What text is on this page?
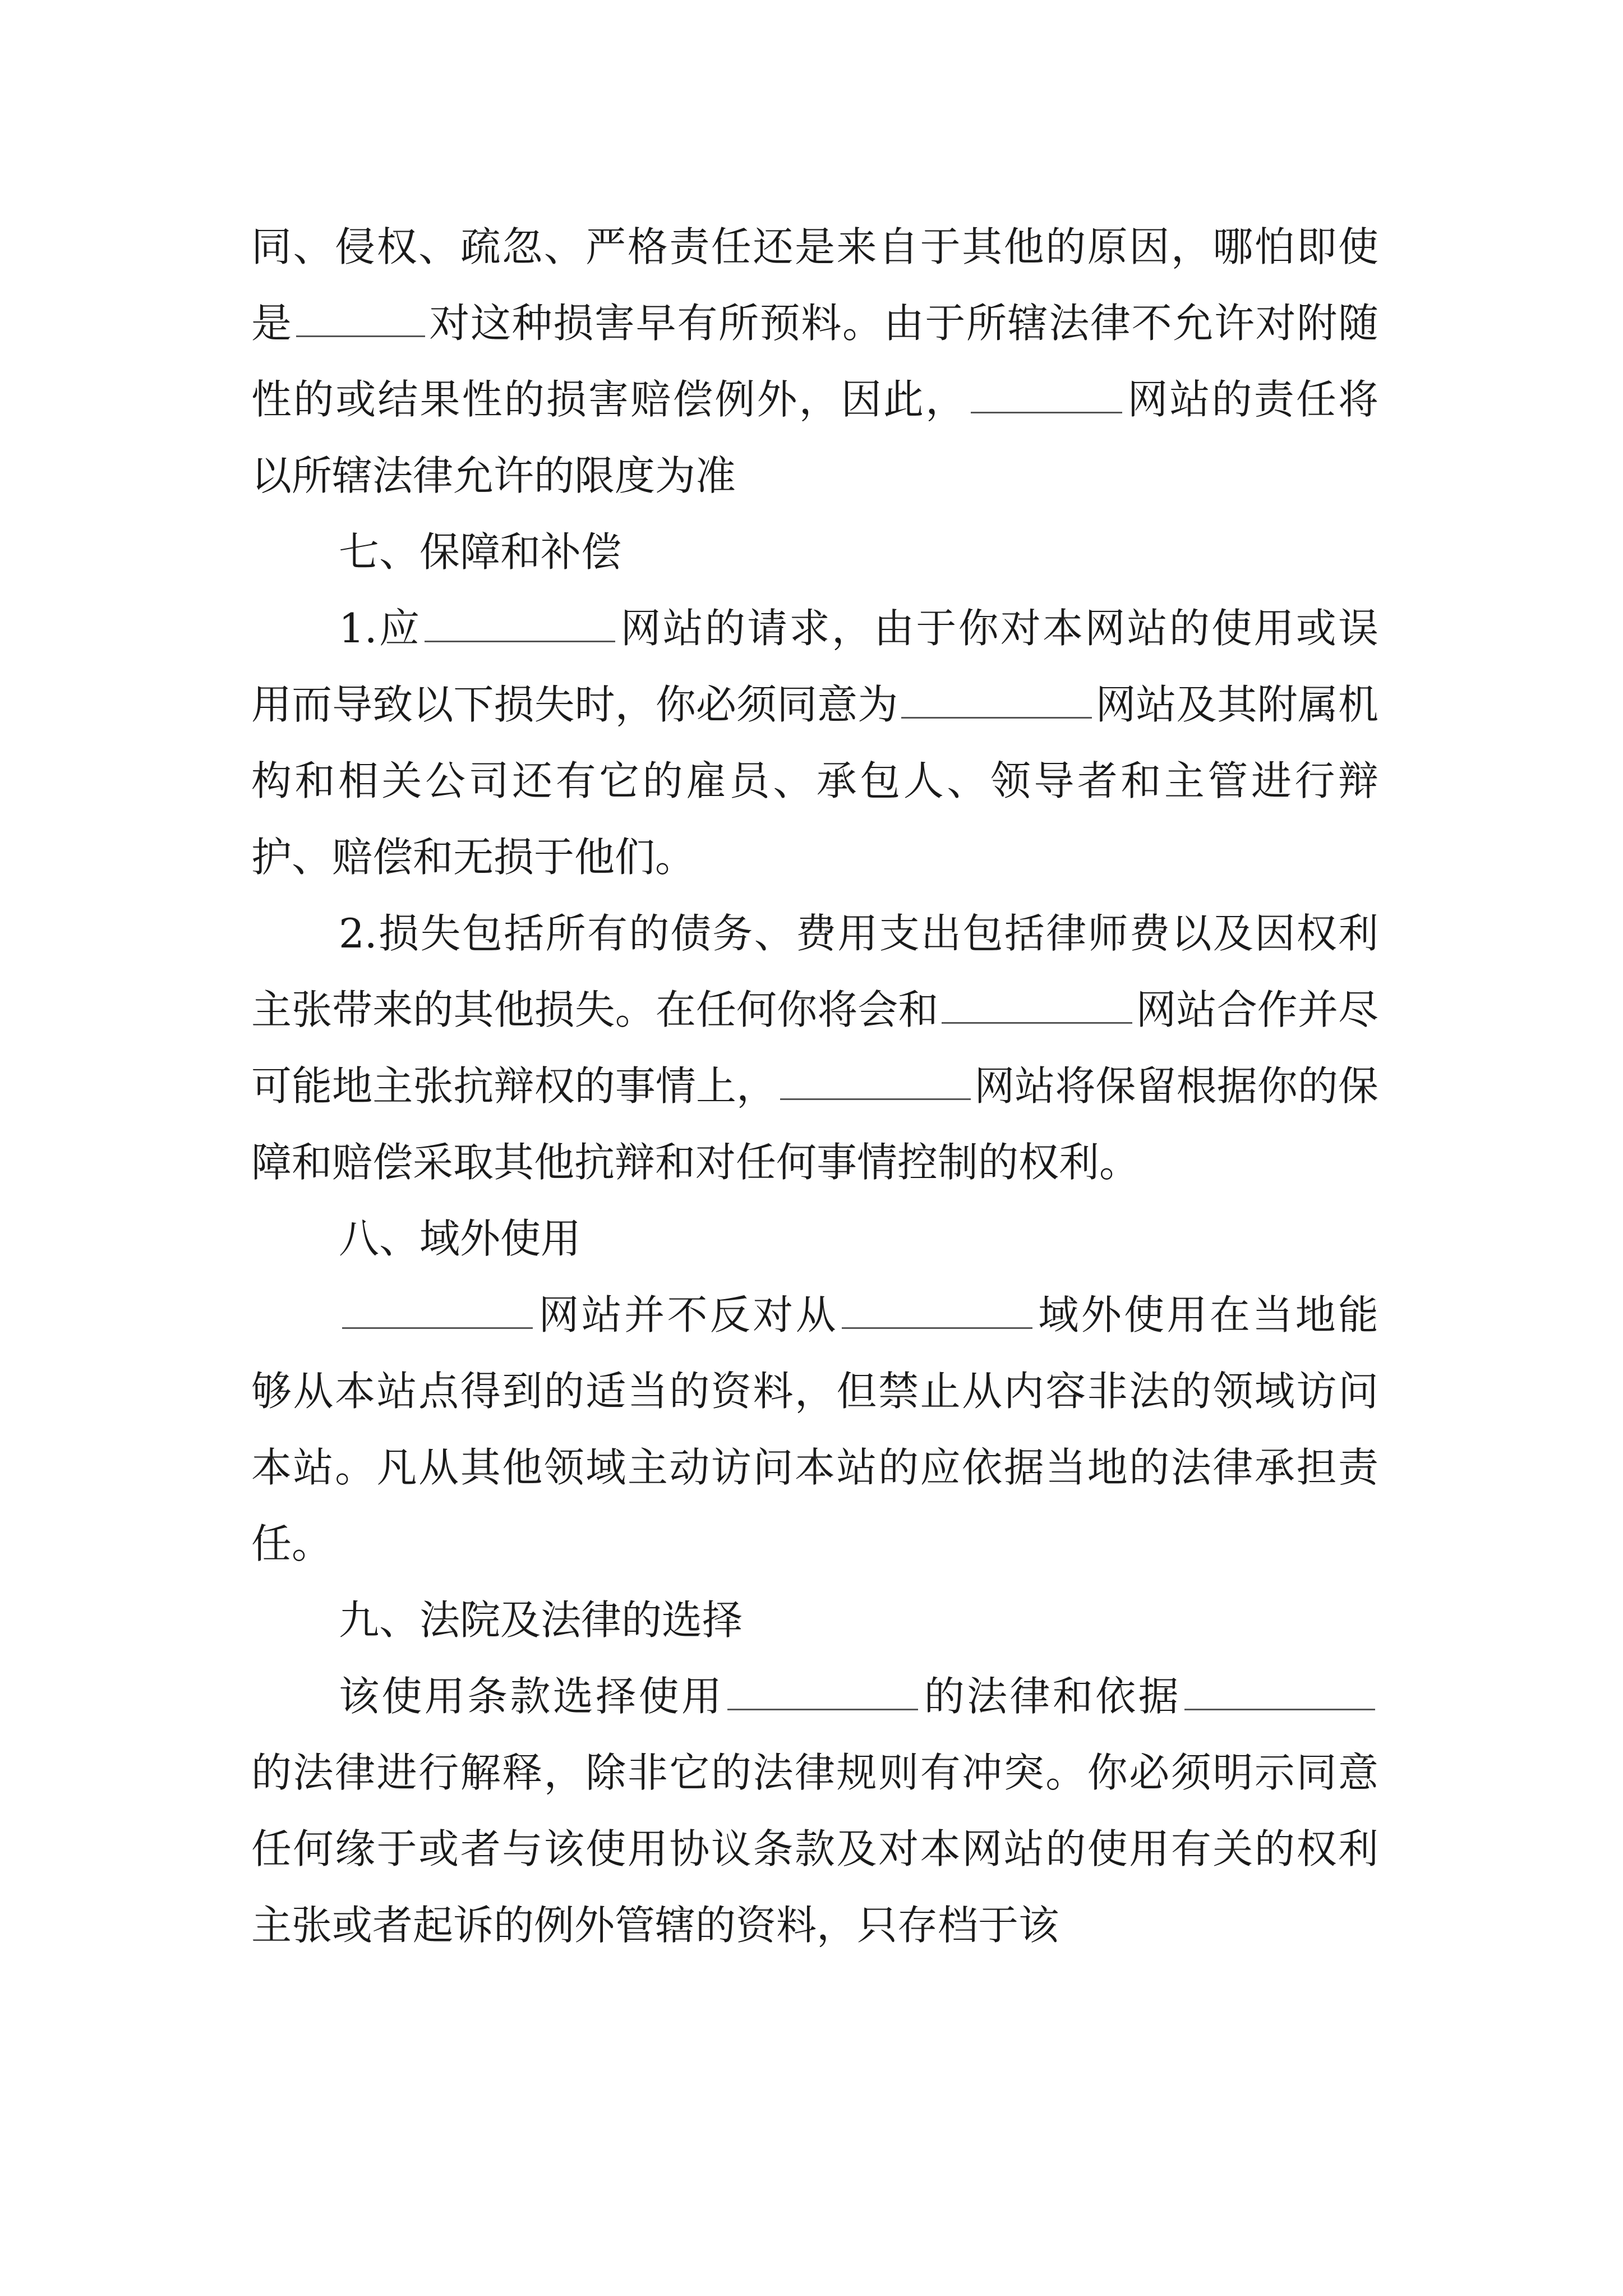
同、侵权、疏忽、严格责任还是来自于其他的原因，哪怕即使是	对这种损害早有所预料。由于所辖法律不允许对附随性的或结果性的损害赔偿例外，因此，	网站的责任将以所辖法律允许的限度为准

七、保障和补偿

1.应	网站的请求，由于你对本网站的使用或误用而导致以下损失时，你必须同意为	网站及其附属机构和相关公司还有它的雇员、承包人、领导者和主管进行辩护、赔偿和无损于他们。

2.损失包括所有的债务、费用支出包括律师费以及因权利主张带来的其他损失。在任何你将会和	网站合作并尽可能地主张抗辩权的事情上，	网站将保留根据你的保障和赔偿采取其他抗辩和对任何事情控制的权利。

八、域外使用

网站并不反对从	域外使用在当地能够从本站点得到的适当的资料，但禁止从内容非法的领域访问本站。凡从其他领域主动访问本站的应依据当地的法律承担责任。

九、法院及法律的选择

该使用条款选择使用	的法律和依据的法律进行解释，除非它的法律规则有冲突。你必须明示同意任何缘于或者与该使用协议条款及对本网站的使用有关的权利主张或者起诉的例外管辖的资料，只存档于该
